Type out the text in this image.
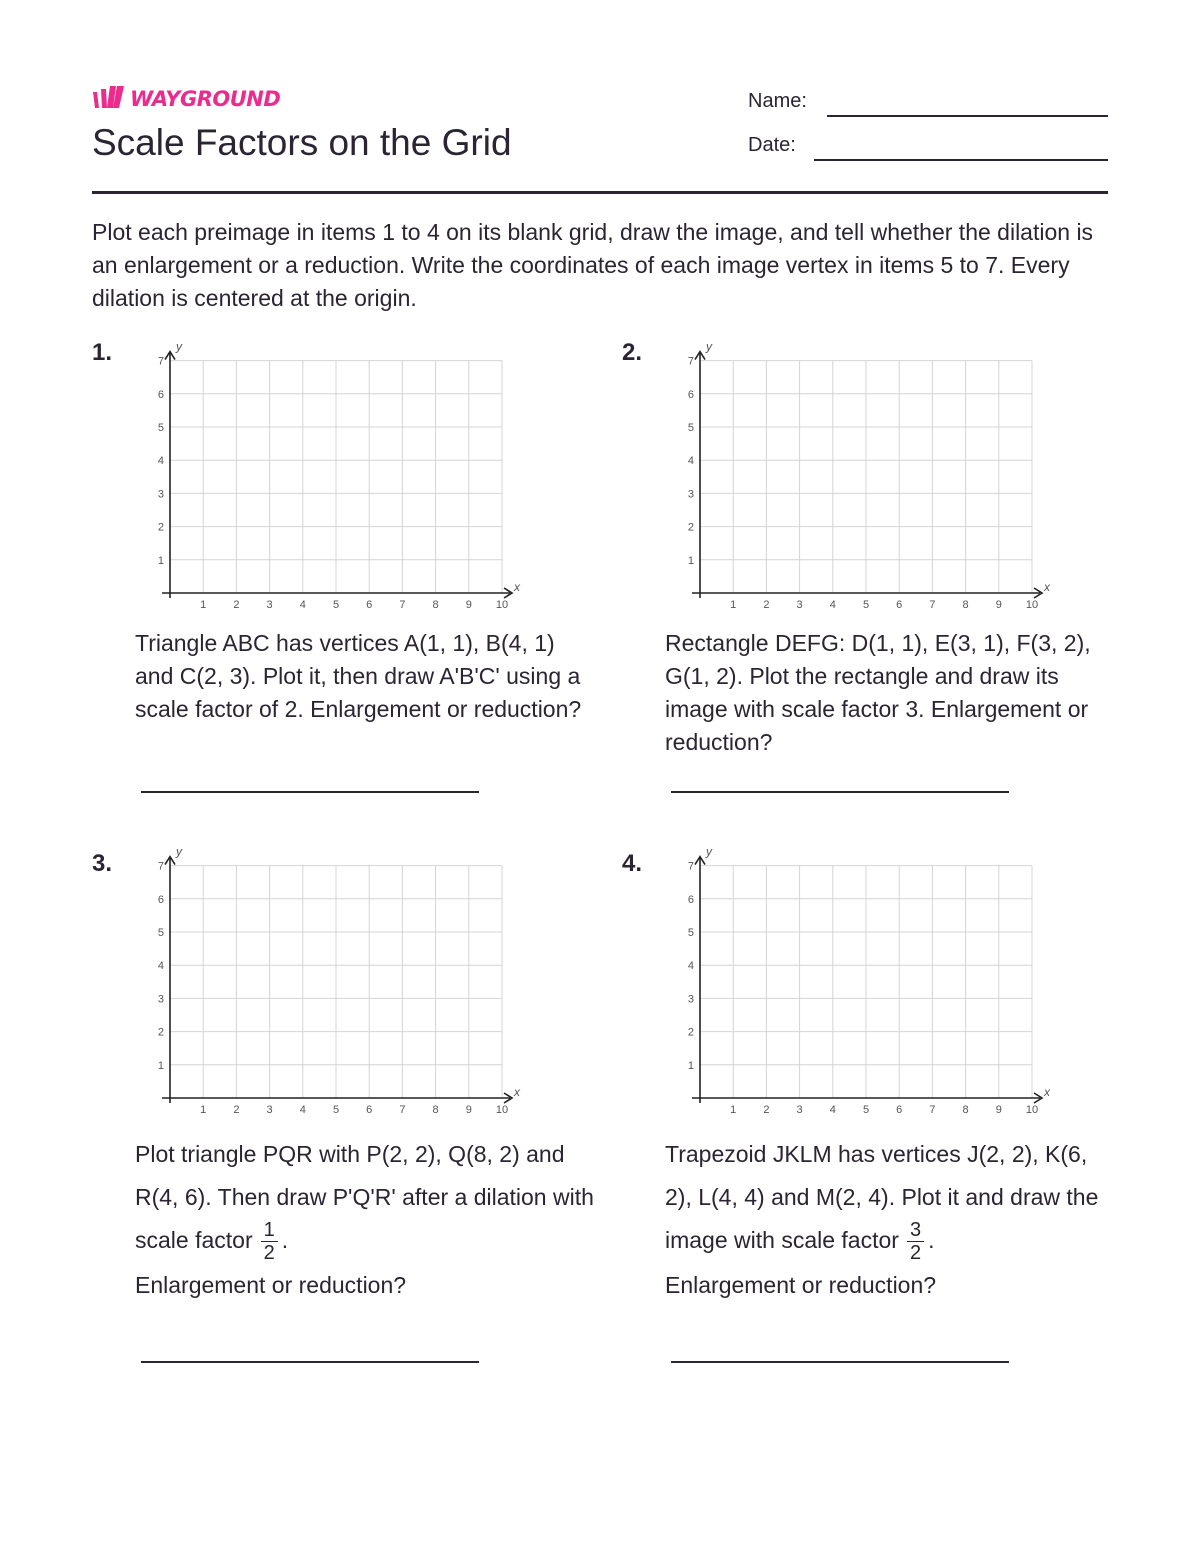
WAYGROUND
Scale Factors on the Grid
Name:
Date:

Plot each preimage in items 1 to 4 on its blank grid, draw the image, and tell whether the dilation is an enlargement or a reduction. Write the coordinates of each image vertex in items 5 to 7. Every dilation is centered at the origin.

1.
1 2 3 4 5 6 7 8 9 10
1
2
3
4
5
6
7
x
y

Triangle ABC has vertices A(1, 1), B(4, 1) and C(2, 3). Plot it, then draw A'B'C' using a scale factor of 2. Enlargement or reduction?

2.
1 2 3 4 5 6 7 8 9 10
1
2
3
4
5
6
7
x
y

Rectangle DEFG: D(1, 1), E(3, 1), F(3, 2), G(1, 2). Plot the rectangle and draw its image with scale factor 3. Enlargement or reduction?

3.
1 2 3 4 5 6 7 8 9 10
1
2
3
4
5
6
7
x
y

Plot triangle PQR with P(2, 2), Q(8, 2) and R(4, 6). Then draw P'Q'R' after a dilation with scale factor $\frac{1}{2}$ .
Enlargement or reduction?

4.
1 2 3 4 5 6 7 8 9 10
1
2
3
4
5
6
7
x
y

Trapezoid JKLM has vertices J(2, 2), K(6, 2), L(4, 4) and M(2, 4). Plot it and draw the image with scale factor $\frac{3}{2}$ .
Enlargement or reduction?
